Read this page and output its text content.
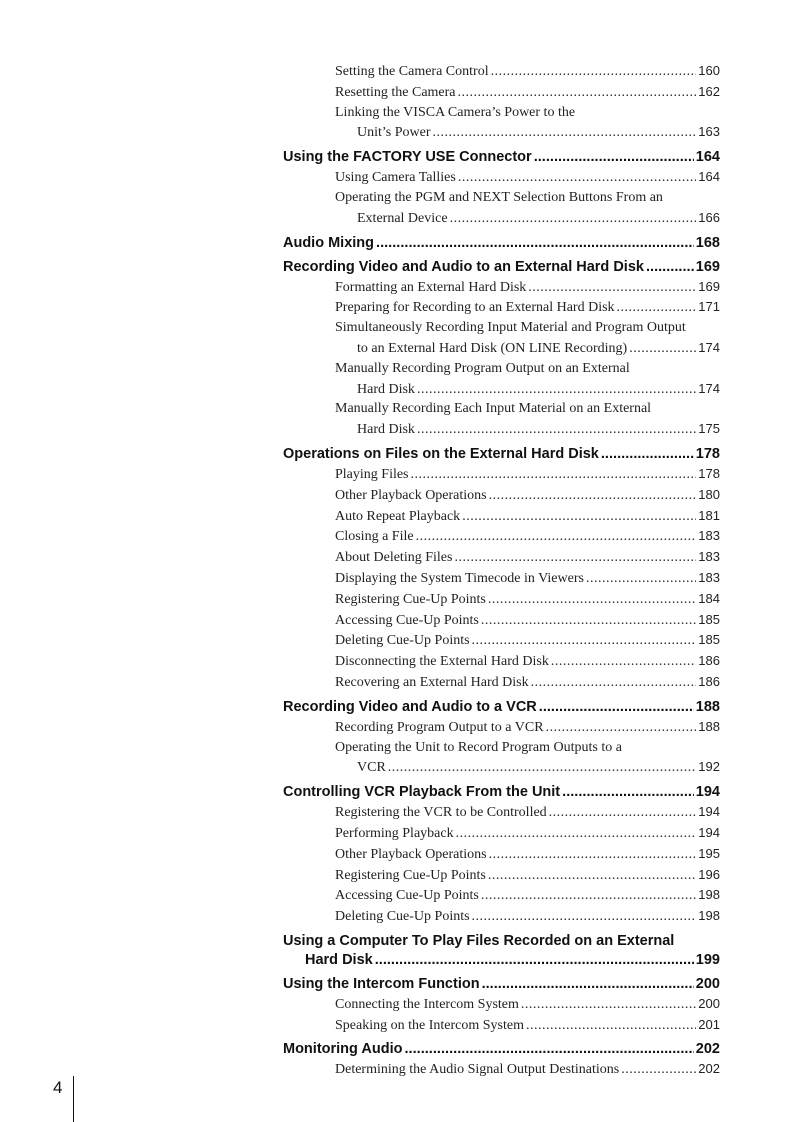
Setting the Camera Control . . .	160
Resetting the Camera . . .	162
Linking the VISCA Camera’s Power to the
Unit’s Power . . .	163
Using the FACTORY USE Connector . . .	164
Using Camera Tallies . . .	164
Operating the PGM and NEXT Selection Buttons From an
External Device . . .	166
Audio Mixing . . .	168
Recording Video and Audio to an External Hard Disk . . .	169
Formatting an External Hard Disk . . .	169
Preparing for Recording to an External Hard Disk . . .	171
Simultaneously Recording Input Material and Program Output
to an External Hard Disk (ON LINE Recording) . . .	174
Manually Recording Program Output on an External
Hard Disk . . .	174
Manually Recording Each Input Material on an External
Hard Disk . . .	175
Operations on Files on the External Hard Disk . . .	178
Playing Files . . .	178
Other Playback Operations . . .	180
Auto Repeat Playback . . .	181
Closing a File . . .	183
About Deleting Files . . .	183
Displaying the System Timecode in Viewers . . .	183
Registering Cue-Up Points . . .	184
Accessing Cue-Up Points . . .	185
Deleting Cue-Up Points . . .	185
Disconnecting the External Hard Disk . . .	186
Recovering an External Hard Disk . . .	186
Recording Video and Audio to a VCR . . .	188
Recording Program Output to a VCR . . .	188
Operating the Unit to Record Program Outputs to a
VCR . . .	192
Controlling VCR Playback From the Unit . . .	194
Registering the VCR to be Controlled . . .	194
Performing Playback . . .	194
Other Playback Operations . . .	195
Registering Cue-Up Points . . .	196
Accessing Cue-Up Points . . .	198
Deleting Cue-Up Points . . .	198
Using a Computer To Play Files Recorded on an External
Hard Disk . . .	199
Using the Intercom Function . . .	200
Connecting the Intercom System . . .	200
Speaking on the Intercom System . . .	201
Monitoring Audio . . .	202
Determining the Audio Signal Output Destinations . . .	202
4
